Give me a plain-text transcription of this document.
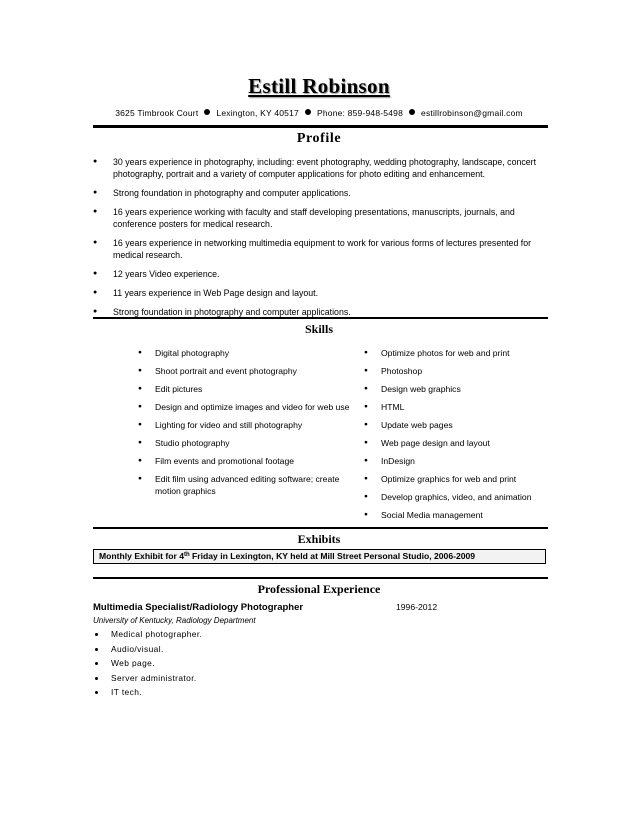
Estill Robinson
3625 Timbrook Court Lexington, KY 40517 Phone: 859-948-5498 estillrobinson@gmail.com
Profile
● 30 years experience in photography, including: event photography, wedding photography, landscape, concert photography, portrait and a variety of computer applications for photo editing and enhancement.
● Strong foundation in photography and computer applications.
● 16 years experience working with faculty and staff developing presentations, manuscripts, journals, and conference posters for medical research.
● 16 years experience in networking multimedia equipment to work for various forms of lectures presented for medical research.
● 12 years Video experience.
● 11 years experience in Web Page design and layout.
● Strong foundation in photography and computer applications.
Skills
● Digital photography
● Shoot portrait and event photography
● Edit pictures
● Design and optimize images and video for web use
● Lighting for video and still photography
● Studio photography
● Film events and promotional footage
● Edit film using advanced editing software; create motion graphics
● Optimize photos for web and print
● Photoshop
● Design web graphics
● HTML
● Update web pages
● Web page design and layout
● InDesign
● Optimize graphics for web and print
● Develop graphics, video, and animation
● Social Media management
Exhibits
Monthly Exhibit for 4th Friday in Lexington, KY held at Mill Street Personal Studio, 2006-2009
Professional Experience
Multimedia Specialist/Radiology Photographer	1996-2012
University of Kentucky, Radiology Department
Medical photographer.
Audio/visual.
Web page.
Server administrator.
IT tech.
